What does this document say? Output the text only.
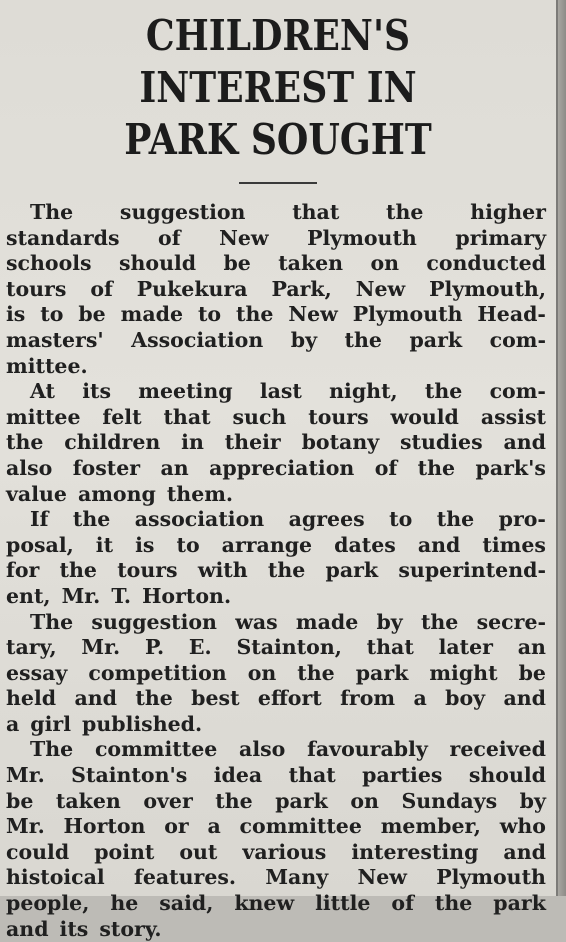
CHILDREN'S INTEREST IN
PARK SOUGHT
The suggestion that the higher
standards of New Plymouth primary
schools should be taken on conducted
tours of Pukekura Park, New Plymouth,
is to be made to the New Plymouth Head-
masters' Association by the park com-
mittee.
At its meeting last night, the com-
mittee felt that such tours would assist
the children in their botany studies and
also foster an appreciation of the park's
value among them.
If the association agrees to the pro-
posal, it is to arrange dates and times
for the tours with the park superintend-
ent, Mr. T. Horton.
The suggestion was made by the secre-
tary, Mr. P. E. Stainton, that later an
essay competition on the park might be
held and the best effort from a boy and
a girl published.
The committee also favourably received
Mr. Stainton's idea that parties should
be taken over the park on Sundays by
Mr. Horton or a committee member, who
could point out various interesting and
histoical features. Many New Plymouth
people, he said, knew little of the park
and its story.
